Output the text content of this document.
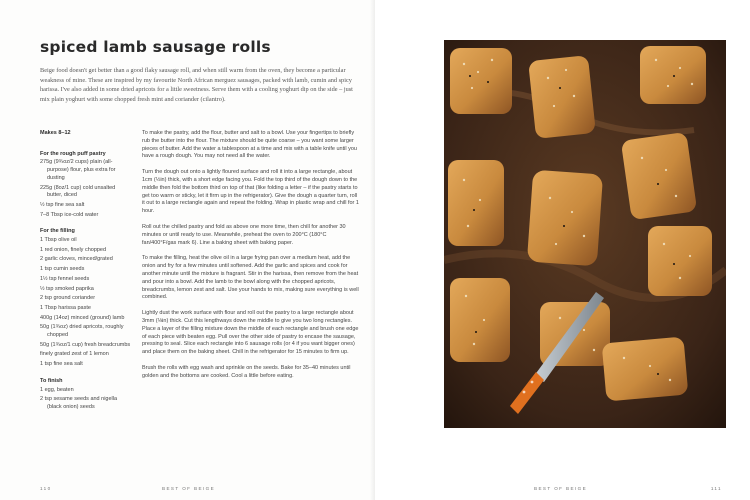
spiced lamb sausage rolls

Beige food doesn't get better than a good flaky sausage roll, and when still warm from the oven, they become a particular weakness of mine. These are inspired by my favourite North African merguez sausages, packed with lamb, cumin and spicy harissa. I've also added in some dried apricots for a little sweetness. Serve them with a cooling yoghurt dip on the side – just mix plain yoghurt with some chopped fresh mint and coriander (cilantro).

Makes 8–12

For the rough puff pastry

275g (9¾oz/2 cups) plain (all-purpose) flour, plus extra for dusting
225g (8oz/1 cup) cold unsalted butter, diced
½ tsp fine sea salt
7–8 Tbsp ice-cold water

For the filling

1 Tbsp olive oil
1 red onion, finely chopped
2 garlic cloves, minced/grated
1 tsp cumin seeds
1½ tsp fennel seeds
½ tsp smoked paprika
2 tsp ground coriander
1 Tbsp harissa paste
400g (14oz) minced (ground) lamb
50g (1¾oz) dried apricots, roughly chopped
50g (1¾oz/1 cup) fresh breadcrumbs
finely grated zest of 1 lemon
1 tsp fine sea salt

To finish

1 egg, beaten
2 tsp sesame seeds and nigella (black onion) seeds

To make the pastry, add the flour, butter and salt to a bowl. Use your fingertips to briefly rub the butter into the flour. The mixture should be quite coarse – you want some larger pieces of butter. Add the water a tablespoon at a time and mix with a table knife until you have a rough dough. You may not need all the water.

Turn the dough out onto a lightly floured surface and roll it into a large rectangle, about 1cm (½in) thick, with a short edge facing you. Fold the top third of the dough down to the middle then fold the bottom third on top of that (like folding a letter – if the pastry starts to get too warm or sticky, let it firm up in the refrigerator). Give the dough a quarter turn, roll it out to a large rectangle again and repeat the folding. Wrap in plastic wrap and chill for 1 hour.

Roll out the chilled pastry and fold as above one more time, then chill for another 30 minutes or until ready to use. Meanwhile, preheat the oven to 200°C (180°C fan/400°F/gas mark 6). Line a baking sheet with baking paper.

To make the filling, heat the olive oil in a large frying pan over a medium heat, add the onion and fry for a few minutes until softened. Add the garlic and spices and cook for another minute until the mixture is fragrant. Stir in the harissa, then remove from the heat and pour into a bowl. Add the lamb to the bowl along with the chopped apricots, breadcrumbs, lemon zest and salt. Use your hands to mix, making sure everything is well combined.

Lightly dust the work surface with flour and roll out the pastry to a large rectangle about 3mm (⅛in) thick. Cut this lengthways down the middle to give you two long rectangles. Place a layer of the filling mixture down the middle of each rectangle and brush one edge of each piece with beaten egg. Pull over the other side of pastry to encase the sausage, pressing to seal. Slice each rectangle into 6 sausage rolls (or 4 if you want bigger ones) and place them on the baking sheet. Chill in the refrigerator for 15 minutes to firm up.

Brush the rolls with egg wash and sprinkle on the seeds. Bake for 35–40 minutes until golden and the bottoms are cooked. Cool a little before eating.

110	BEST OF BEIGE	BEST OF BEIGE	111
